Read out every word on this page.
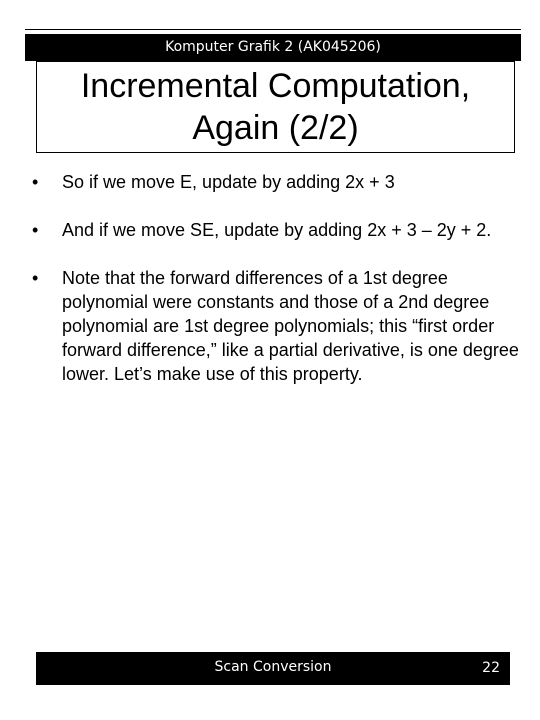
Komputer Grafik 2 (AK045206)
Incremental Computation,
Again (2/2)
• So if we move E, update by adding 2x + 3
• And if we move SE, update by adding 2x + 3 – 2y + 2.
• Note that the forward differences of a 1st degree polynomial were constants and those of a 2nd degree polynomial are 1st degree polynomials; this “first order forward difference,” like a partial derivative, is one degree lower. Let’s make use of this property.
Scan Conversion	22
